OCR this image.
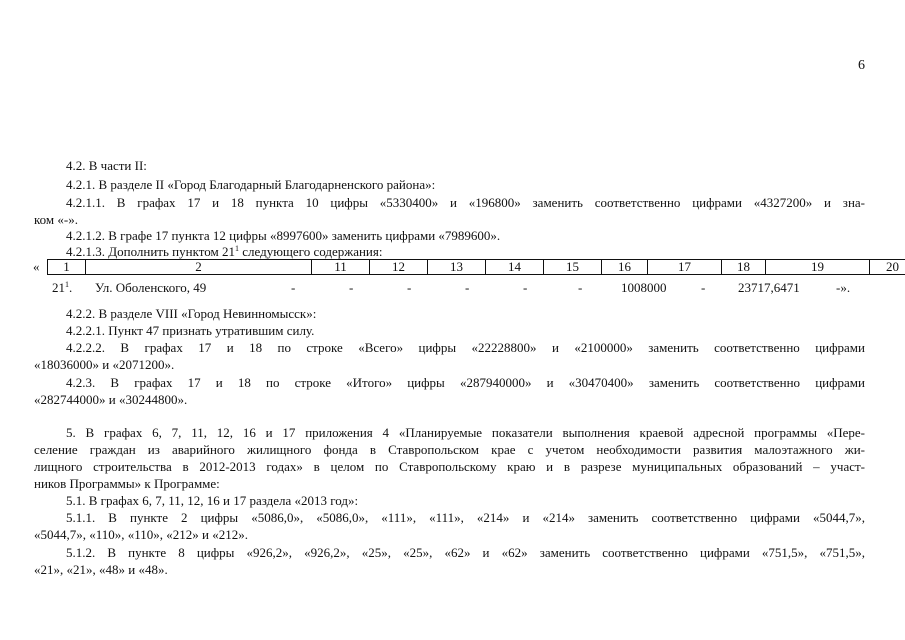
6
4.2. В части II:
4.2.1. В разделе II «Город Благодарный Благодарненского района»:
4.2.1.1. В графах 17 и 18 пункта 10 цифры «5330400» и «196800» заменить соответственно цифрами «4327200» и зна-
ком «-».
4.2.1.2. В графе 17 пункта 12 цифры «8997600» заменить цифрами «7989600».
4.2.1.3. Дополнить пунктом $21^1$ следующего содержания:
« 1	2	11	12	13	14	15	16	17	18	19	20
$21^1$. Ул. Оболенского, 49	-	-	-	-	-	-	1008000	-	23717,6471	-».
4.2.2. В разделе VIII «Город Невинномысск»:
4.2.2.1. Пункт 47 признать утратившим силу.
4.2.2.2. В графах 17 и 18 по строке «Всего» цифры «22228800» и «2100000» заменить соответственно цифрами
«18036000» и «2071200».
4.2.3. В графах 17 и 18 по строке «Итого» цифры «287940000» и «30470400» заменить соответственно цифрами
«282744000» и «30244800».
5. В графах 6, 7, 11, 12, 16 и 17 приложения 4 «Планируемые показатели выполнения краевой адресной программы «Пере-
селение граждан из аварийного жилищного фонда в Ставропольском крае с учетом необходимости развития малоэтажного жи-
лищного строительства в 2012-2013 годах» в целом по Ставропольскому краю и в разрезе муниципальных образований – участ-
ников Программы» к Программе:
5.1. В графах 6, 7, 11, 12, 16 и 17 раздела «2013 год»:
5.1.1. В пункте 2 цифры «5086,0», «5086,0», «111», «111», «214» и «214» заменить соответственно цифрами «5044,7»,
«5044,7», «110», «110», «212» и «212».
5.1.2. В пункте 8 цифры «926,2», «926,2», «25», «25», «62» и «62» заменить соответственно цифрами «751,5», «751,5»,
«21», «21», «48» и «48».
